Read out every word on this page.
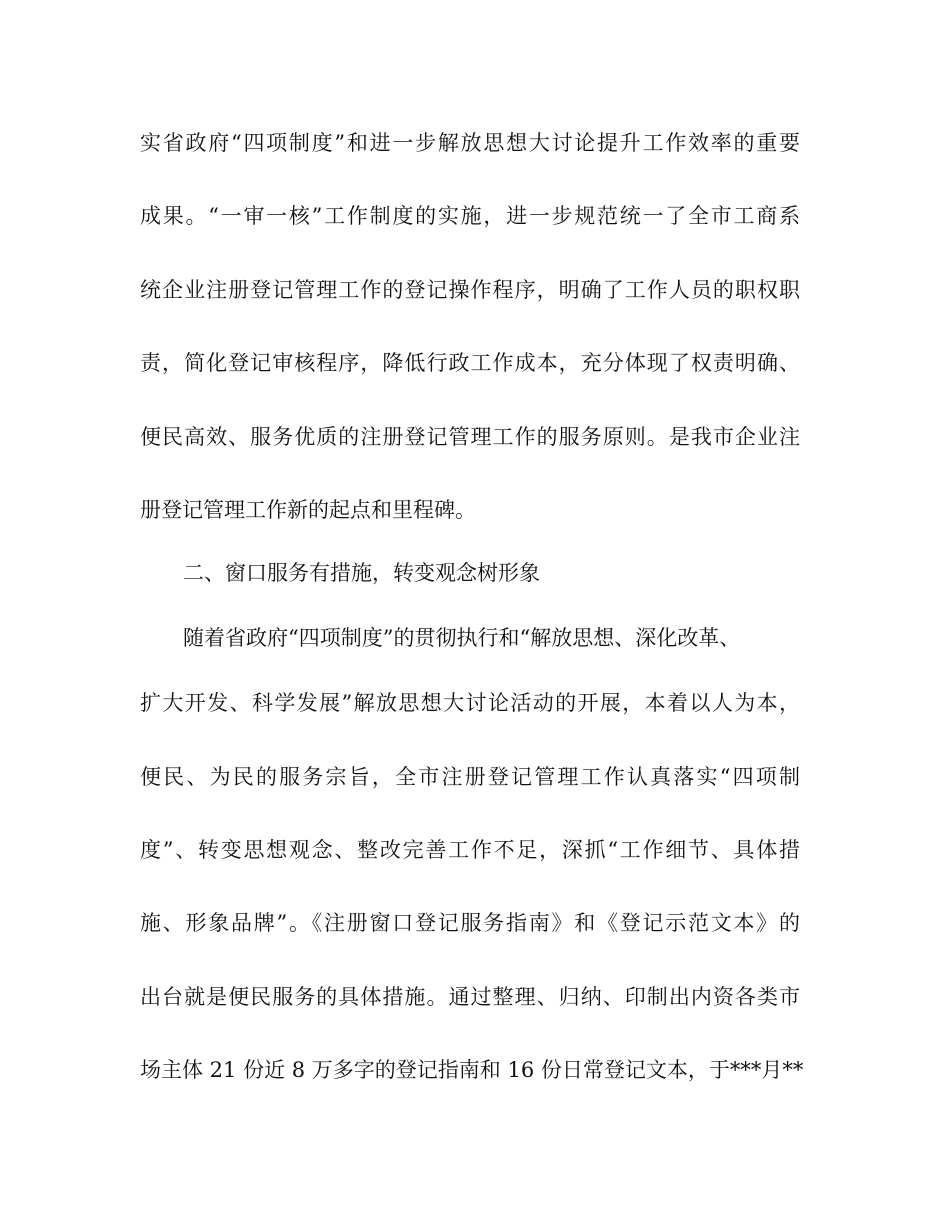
实省政府“四项制度”和进一步解放思想大讨论提升工作效率的重要
成果。“一审一核”工作制度的实施，进一步规范统一了全市工商系
统企业注册登记管理工作的登记操作程序，明确了工作人员的职权职
责，简化登记审核程序，降低行政工作成本，充分体现了权责明确、
便民高效、服务优质的注册登记管理工作的服务原则。是我市企业注
册登记管理工作新的起点和里程碑。
二、窗口服务有措施，转变观念树形象
随着省政府“四项制度”的贯彻执行和“解放思想、深化改革、
扩大开发、科学发展”解放思想大讨论活动的开展，本着以人为本，
便民、为民的服务宗旨，全市注册登记管理工作认真落实“四项制
度”、转变思想观念、整改完善工作不足，深抓“工作细节、具体措
施、形象品牌”。《注册窗口登记服务指南》和《登记示范文本》的
出台就是便民服务的具体措施。通过整理、归纳、印制出内资各类市
场主体 21 份近 8 万多字的登记指南和 16 份日常登记文本，于***月**
